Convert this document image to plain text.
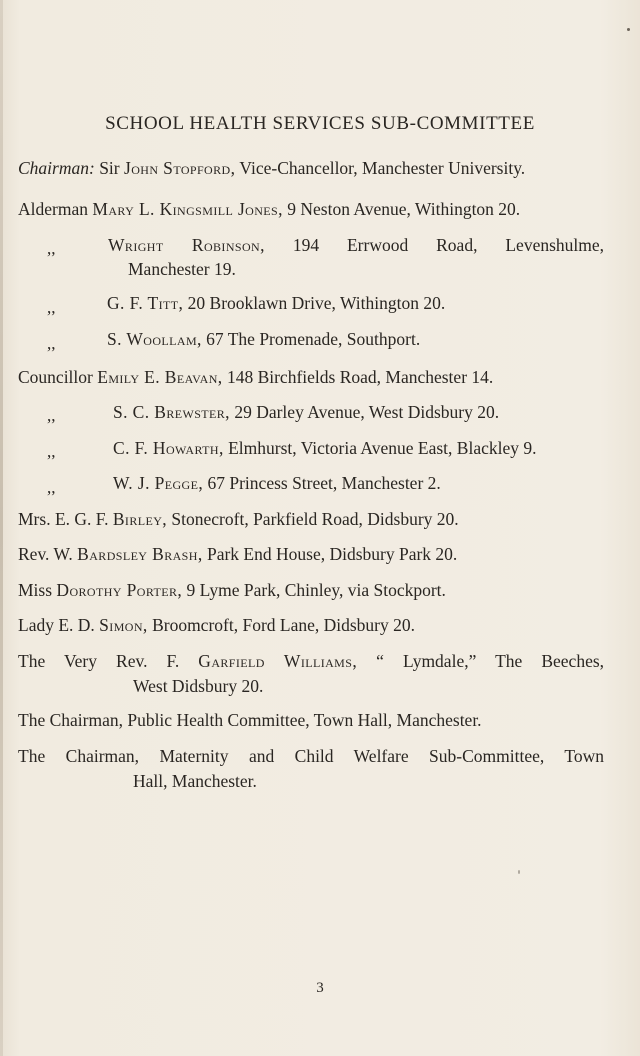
SCHOOL HEALTH SERVICES SUB-COMMITTEE
Chairman: Sir John Stopford, Vice-Chancellor, Manchester University.
Alderman Mary L. Kingsmill Jones, 9 Neston Avenue, Withington 20.
,,	Wright Robinson, 194 Errwood Road, Levenshulme,
Manchester 19.
,,	G. F. Titt, 20 Brooklawn Drive, Withington 20.
,,	S. Woollam, 67 The Promenade, Southport.
Councillor Emily E. Beavan, 148 Birchfields Road, Manchester 14.
,,	S. C. Brewster, 29 Darley Avenue, West Didsbury 20.
,,	C. F. Howarth, Elmhurst, Victoria Avenue East, Blackley 9.
,,	W. J. Pegge, 67 Princess Street, Manchester 2.
Mrs. E. G. F. Birley, Stonecroft, Parkfield Road, Didsbury 20.
Rev. W. Bardsley Brash, Park End House, Didsbury Park 20.
Miss Dorothy Porter, 9 Lyme Park, Chinley, via Stockport.
Lady E. D. Simon, Broomcroft, Ford Lane, Didsbury 20.
The Very Rev. F. Garfield Williams, “ Lymdale,” The Beeches,
West Didsbury 20.
The Chairman, Public Health Committee, Town Hall, Manchester.
The Chairman, Maternity and Child Welfare Sub-Committee, Town
Hall, Manchester.
3
